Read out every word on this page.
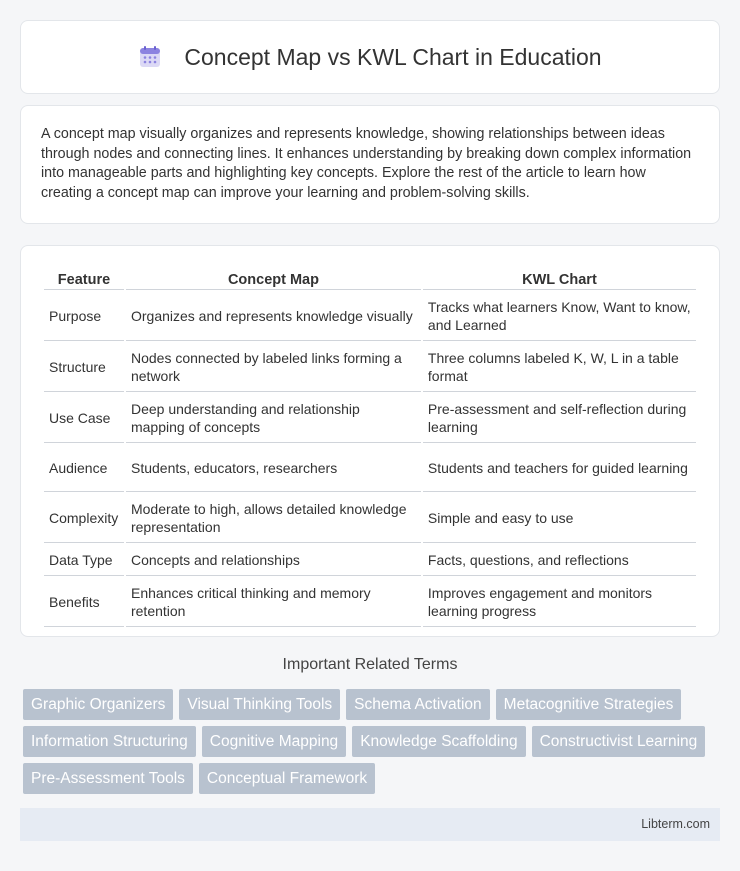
Concept Map vs KWL Chart in Education

A concept map visually organizes and represents knowledge, showing relationships between ideas through nodes and connecting lines. It enhances understanding by breaking down complex information into manageable parts and highlighting key concepts. Explore the rest of the article to learn how creating a concept map can improve your learning and problem-solving skills.

Feature	Concept Map	KWL Chart
Purpose	Organizes and represents knowledge visually	Tracks what learners Know, Want to know, and Learned
Structure	Nodes connected by labeled links forming a network	Three columns labeled K, W, L in a table format
Use Case	Deep understanding and relationship mapping of concepts	Pre-assessment and self-reflection during learning
Audience	Students, educators, researchers	Students and teachers for guided learning
Complexity	Moderate to high, allows detailed knowledge representation	Simple and easy to use
Data Type	Concepts and relationships	Facts, questions, and reflections
Benefits	Enhances critical thinking and memory retention	Improves engagement and monitors learning progress
Important Related Terms
Graphic Organizers	Visual Thinking Tools	Schema Activation	Metacognitive Strategies
Information Structuring	Cognitive Mapping	Knowledge Scaffolding	Constructivist Learning
Pre-Assessment Tools	Conceptual Framework
Libterm.com
